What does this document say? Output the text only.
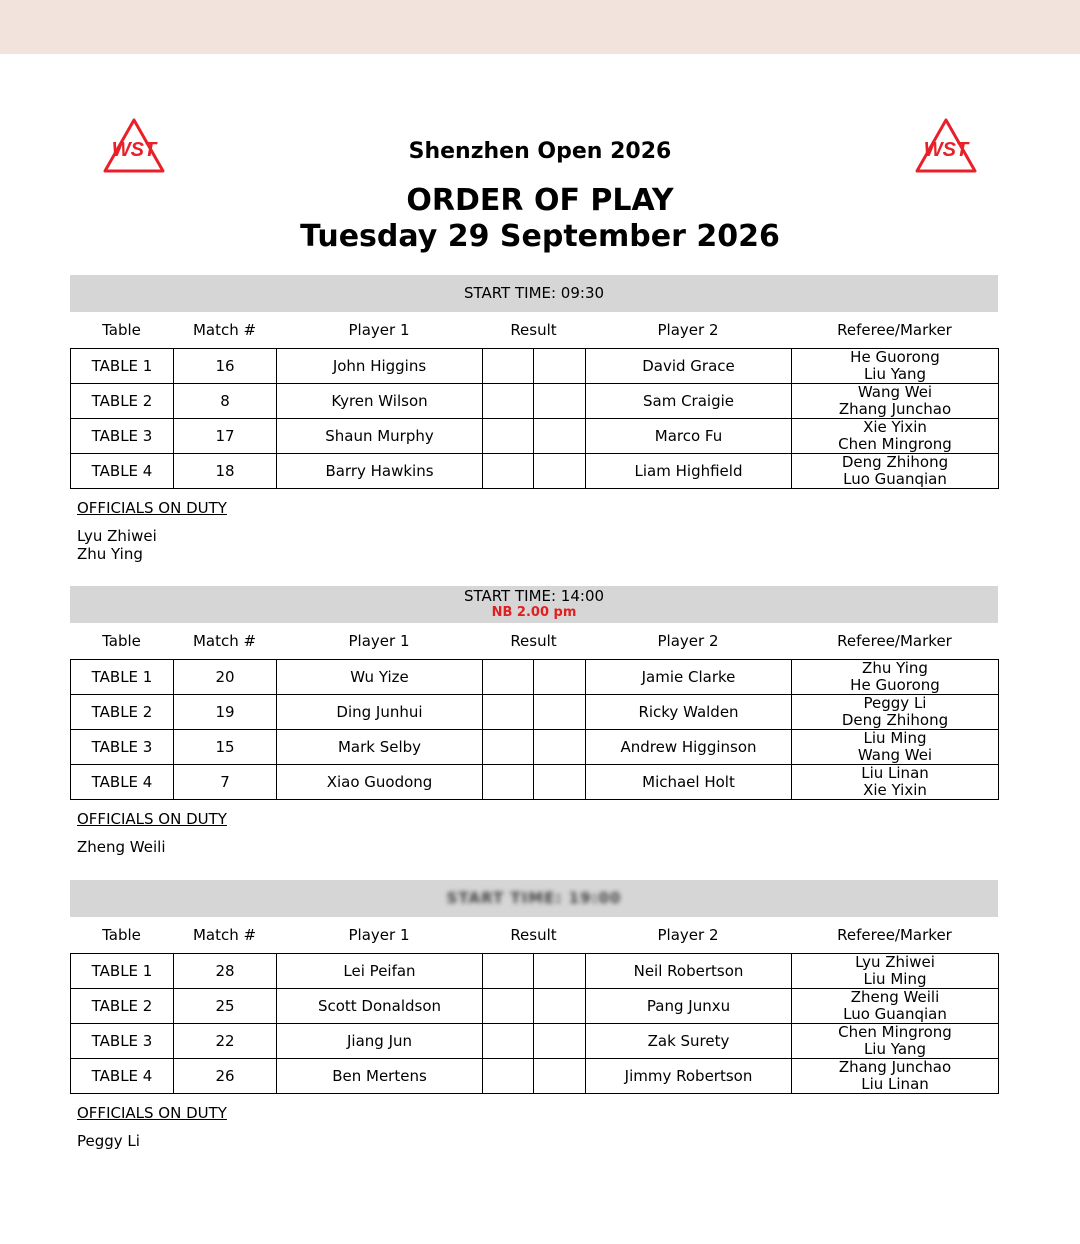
WST	WST
Shenzhen Open 2026
ORDER OF PLAY
Tuesday 29 September 2026
START TIME: 09:30
Table	Match #	Player 1	Result	Player 2	Referee/Marker
TABLE 1	16	John Higgins			David Grace	He Guorong
Liu Yang

TABLE 2	8	Kyren Wilson			Sam Craigie	Wang Wei
Zhang Junchao

TABLE 3	17	Shaun Murphy			Marco Fu	Xie Yixin
Chen Mingrong

TABLE 4	18	Barry Hawkins			Liam Highfield	Deng Zhihong
Luo Guanqian
OFFICIALS ON DUTY
Lyu Zhiwei
Zhu Ying
START TIME: 14:00
NB 2.00 pm
Table	Match #	Player 1	Result	Player 2	Referee/Marker
TABLE 1	20	Wu Yize			Jamie Clarke	Zhu Ying
He Guorong

TABLE 2	19	Ding Junhui			Ricky Walden	Peggy Li
Deng Zhihong

TABLE 3	15	Mark Selby			Andrew Higginson	Liu Ming
Wang Wei

TABLE 4	7	Xiao Guodong			Michael Holt	Liu Linan
Xie Yixin
OFFICIALS ON DUTY
Zheng Weili
START TIME: 19:00
Table	Match #	Player 1	Result	Player 2	Referee/Marker
TABLE 1	28	Lei Peifan			Neil Robertson	Lyu Zhiwei
Liu Ming

TABLE 2	25	Scott Donaldson			Pang Junxu	Zheng Weili
Luo Guanqian

TABLE 3	22	Jiang Jun			Zak Surety	Chen Mingrong
Liu Yang

TABLE 4	26	Ben Mertens			Jimmy Robertson	Zhang Junchao
Liu Linan
OFFICIALS ON DUTY
Peggy Li
